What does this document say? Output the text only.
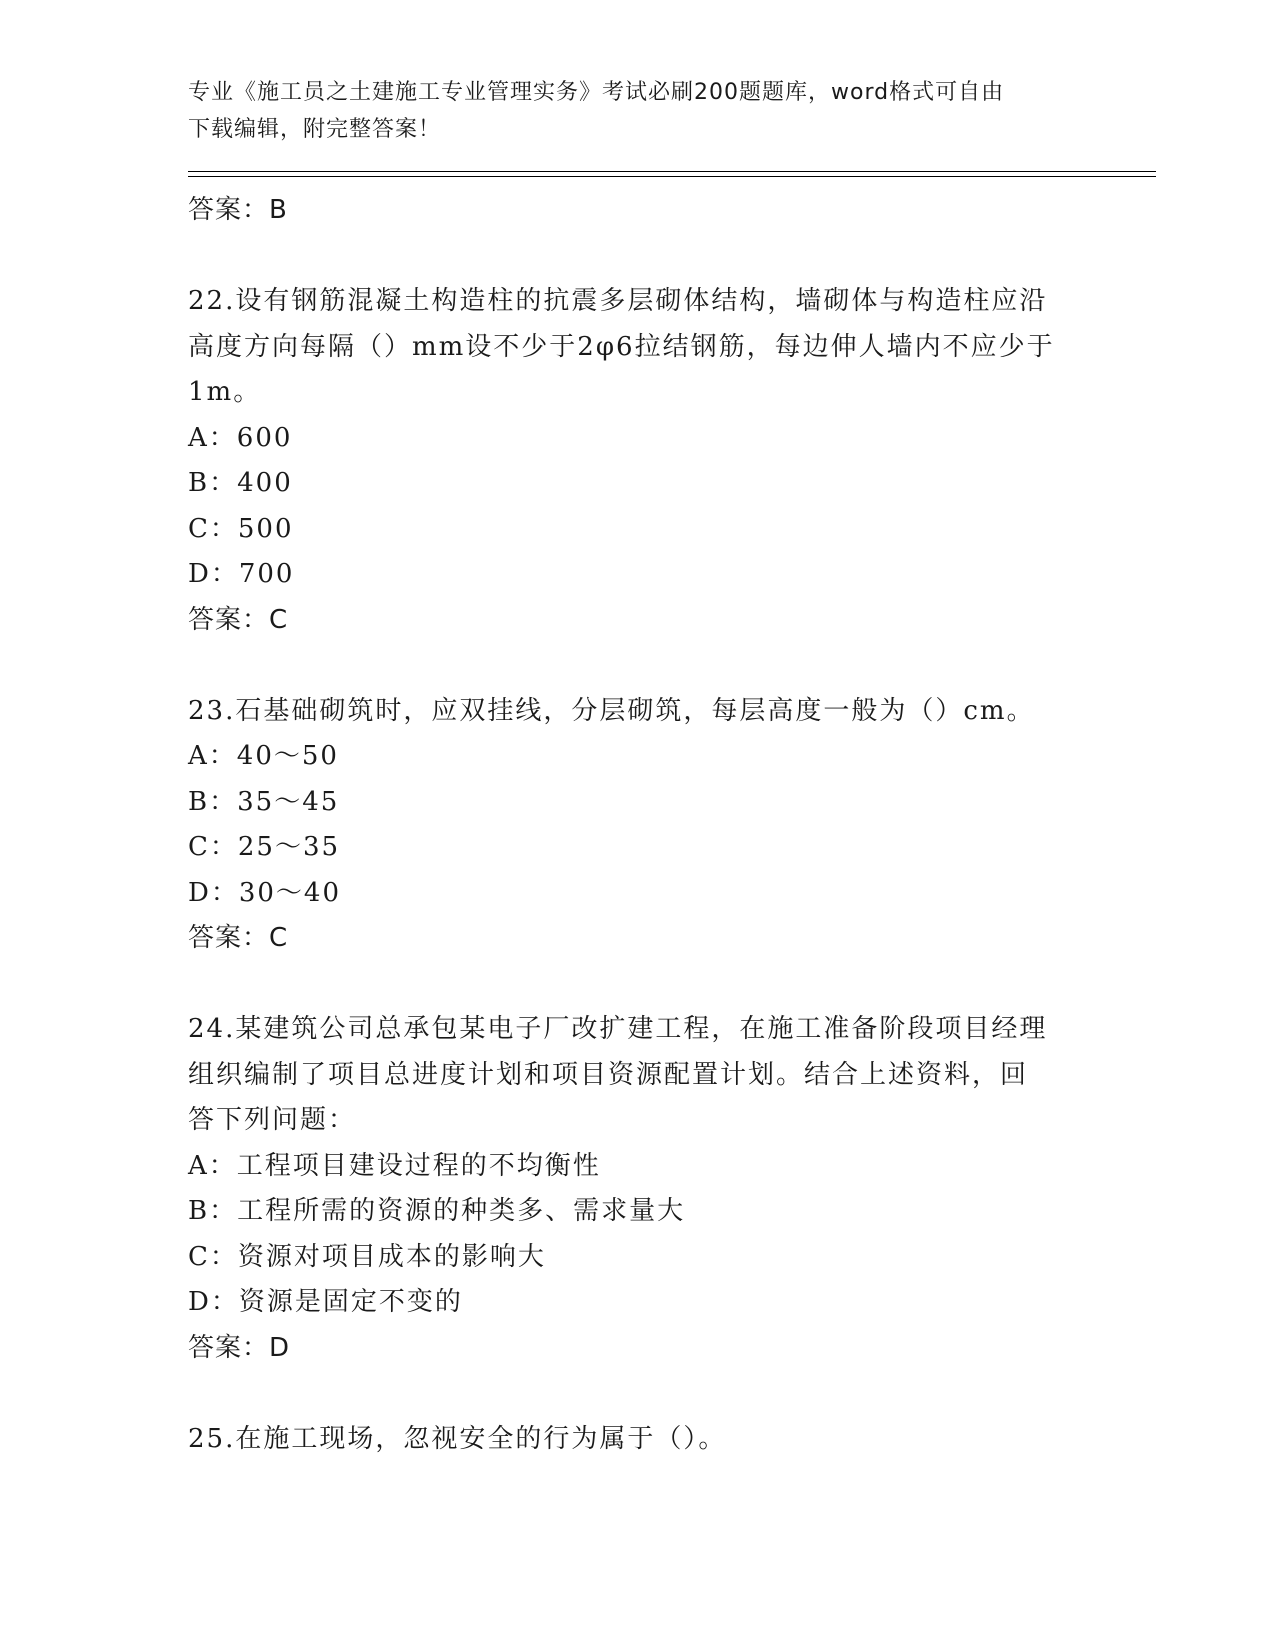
专业《施工员之土建施工专业管理实务》考试必刷200题题库，word格式可自由
下载编辑，附完整答案！
答案：B
22.设有钢筋混凝土构造柱的抗震多层砌体结构，墙砌体与构造柱应沿
高度方向每隔（）mm设不少于2φ6拉结钢筋，每边伸人墙内不应少于
1m。
A：600
B：400
C：500
D：700
答案：C
23.石基础砌筑时，应双挂线，分层砌筑，每层高度一般为（）cm。
A：40～50
B：35～45
C：25～35
D：30～40
答案：C
24.某建筑公司总承包某电子厂改扩建工程，在施工准备阶段项目经理
组织编制了项目总进度计划和项目资源配置计划。结合上述资料，回
答下列问题：
A：工程项目建设过程的不均衡性
B：工程所需的资源的种类多、需求量大
C：资源对项目成本的影响大
D：资源是固定不变的
答案：D
25.在施工现场，忽视安全的行为属于（）。
